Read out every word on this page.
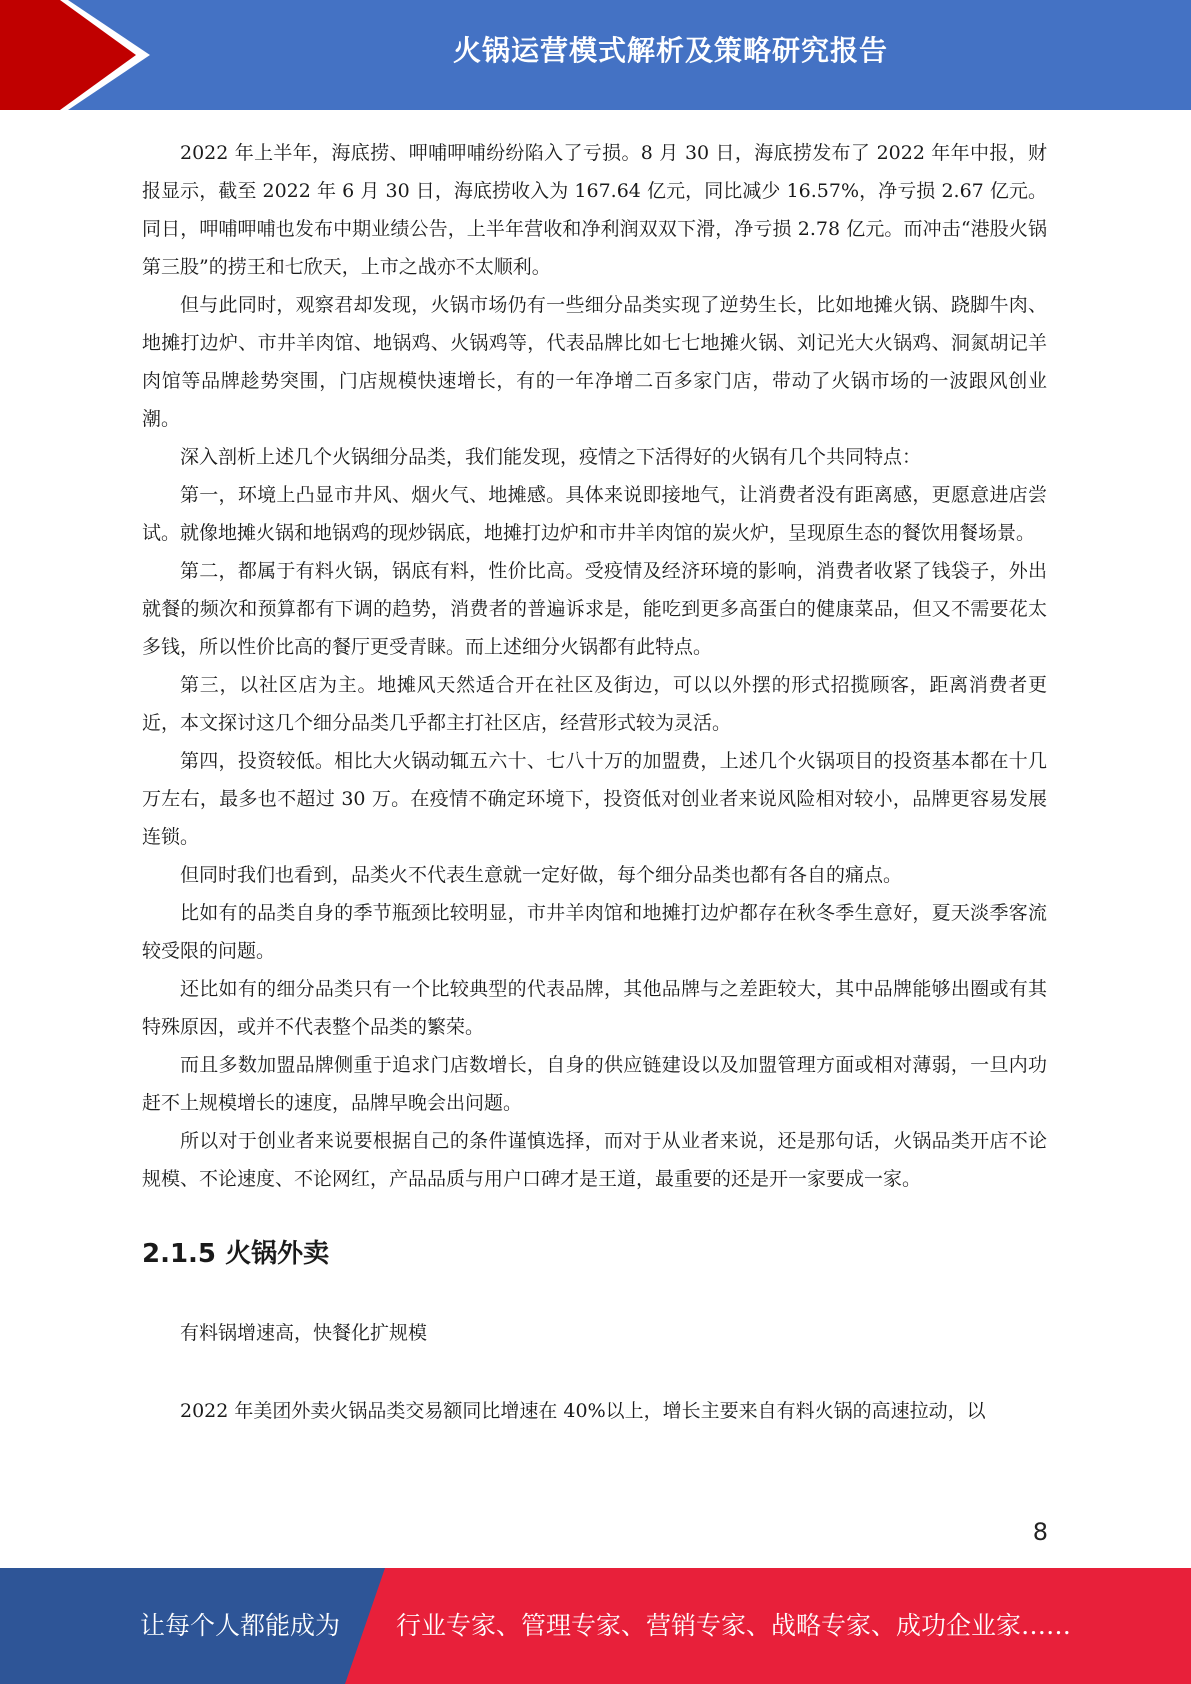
火锅运营模式解析及策略研究报告

2022 年上半年，海底捞、呷哺呷哺纷纷陷入了亏损。8 月 30 日，海底捞发布了 2022 年年中报，财报显示，截至 2022 年 6 月 30 日，海底捞收入为 167.64 亿元，同比减少 16.57%，净亏损 2.67 亿元。同日，呷哺呷哺也发布中期业绩公告，上半年营收和净利润双双下滑，净亏损 2.78 亿元。而冲击“港股火锅第三股”的捞王和七欣天，上市之战亦不太顺利。

但与此同时，观察君却发现，火锅市场仍有一些细分品类实现了逆势生长，比如地摊火锅、跷脚牛肉、地摊打边炉、市井羊肉馆、地锅鸡、火锅鸡等，代表品牌比如七七地摊火锅、刘记光大火锅鸡、洞氮胡记羊肉馆等品牌趁势突围，门店规模快速增长，有的一年净增二百多家门店，带动了火锅市场的一波跟风创业潮。

深入剖析上述几个火锅细分品类，我们能发现，疫情之下活得好的火锅有几个共同特点：

第一，环境上凸显市井风、烟火气、地摊感。具体来说即接地气，让消费者没有距离感，更愿意进店尝试。就像地摊火锅和地锅鸡的现炒锅底，地摊打边炉和市井羊肉馆的炭火炉，呈现原生态的餐饮用餐场景。

第二，都属于有料火锅，锅底有料，性价比高。受疫情及经济环境的影响，消费者收紧了钱袋子，外出就餐的频次和预算都有下调的趋势，消费者的普遍诉求是，能吃到更多高蛋白的健康菜品，但又不需要花太多钱，所以性价比高的餐厅更受青睐。而上述细分火锅都有此特点。

第三，以社区店为主。地摊风天然适合开在社区及街边，可以以外摆的形式招揽顾客，距离消费者更近，本文探讨这几个细分品类几乎都主打社区店，经营形式较为灵活。

第四，投资较低。相比大火锅动辄五六十、七八十万的加盟费，上述几个火锅项目的投资基本都在十几万左右，最多也不超过 30 万。在疫情不确定环境下，投资低对创业者来说风险相对较小，品牌更容易发展连锁。

但同时我们也看到，品类火不代表生意就一定好做，每个细分品类也都有各自的痛点。

比如有的品类自身的季节瓶颈比较明显，市井羊肉馆和地摊打边炉都存在秋冬季生意好，夏天淡季客流较受限的问题。

还比如有的细分品类只有一个比较典型的代表品牌，其他品牌与之差距较大，其中品牌能够出圈或有其特殊原因，或并不代表整个品类的繁荣。

而且多数加盟品牌侧重于追求门店数增长，自身的供应链建设以及加盟管理方面或相对薄弱，一旦内功赶不上规模增长的速度，品牌早晚会出问题。

所以对于创业者来说要根据自己的条件谨慎选择，而对于从业者来说，还是那句话，火锅品类开店不论规模、不论速度、不论网红，产品品质与用户口碑才是王道，最重要的还是开一家要成一家。

2.1.5 火锅外卖

有料锅增速高，快餐化扩规模

2022 年美团外卖火锅品类交易额同比增速在 40%以上，增长主要来自有料火锅的高速拉动，以

8
让每个人都能成为 行业专家、管理专家、营销专家、战略专家、成功企业家……
